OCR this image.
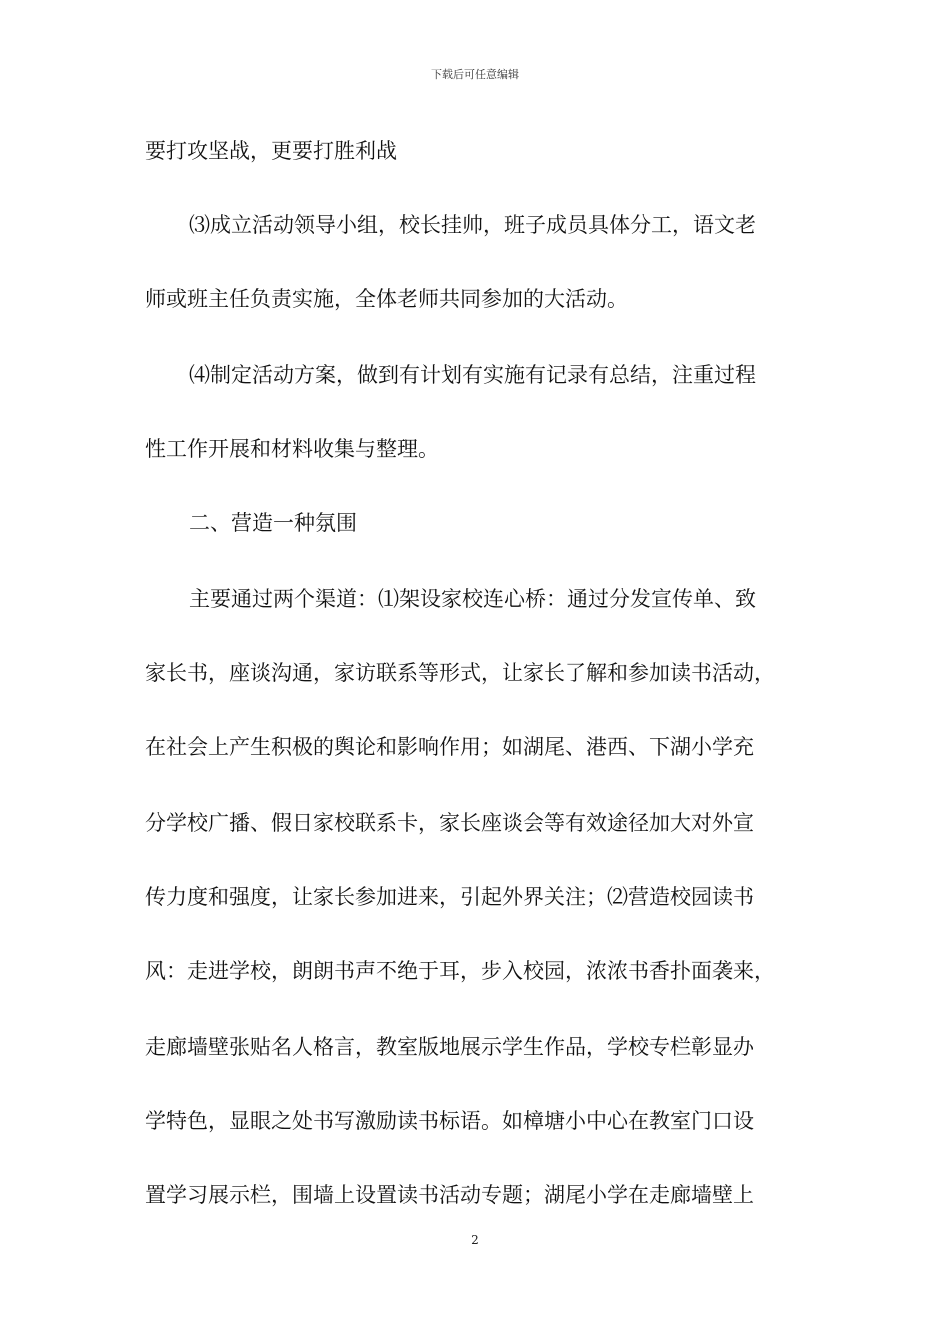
下载后可任意编辑
要打攻坚战，更要打胜利战
⑶成立活动领导小组，校长挂帅，班子成员具体分工，语文老
师或班主任负责实施，全体老师共同参加的大活动。
⑷制定活动方案，做到有计划有实施有记录有总结，注重过程
性工作开展和材料收集与整理。
二、营造一种氛围
主要通过两个渠道：⑴架设家校连心桥：通过分发宣传单、致
家长书，座谈沟通，家访联系等形式，让家长了解和参加读书活动，
在社会上产生积极的舆论和影响作用；如湖尾、港西、下湖小学充
分学校广播、假日家校联系卡，家长座谈会等有效途径加大对外宣
传力度和强度，让家长参加进来，引起外界关注；⑵营造校园读书
风：走进学校，朗朗书声不绝于耳，步入校园，浓浓书香扑面袭来，
走廊墙壁张贴名人格言，教室版地展示学生作品，学校专栏彰显办
学特色，显眼之处书写激励读书标语。如樟塘小中心在教室门口设
置学习展示栏，围墙上设置读书活动专题；湖尾小学在走廊墙壁上
2
